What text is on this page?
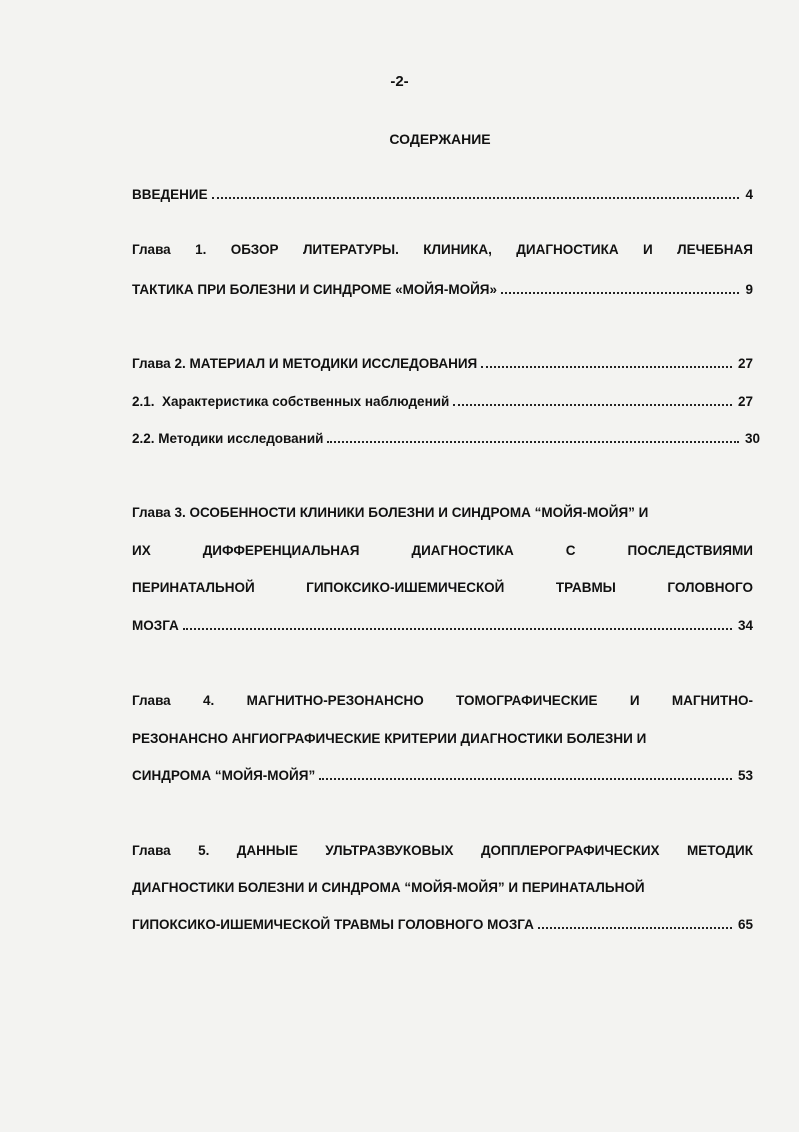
-2-
СОДЕРЖАНИЕ
ВВЕДЕНИЕ	4
Глава 1. ОБЗОР ЛИТЕРАТУРЫ. КЛИНИКА, ДИАГНОСТИКА И ЛЕЧЕБНАЯ
ТАКТИКА ПРИ БОЛЕЗНИ И СИНДРОМЕ «МОЙЯ-МОЙЯ»	9
Глава 2. МАТЕРИАЛ И МЕТОДИКИ ИССЛЕДОВАНИЯ	27
2.1.  Характеристика собственных наблюдений	27
2.2. Методики исследований	30
Глава 3. ОСОБЕННОСТИ КЛИНИКИ БОЛЕЗНИ И СИНДРОМА “МОЙЯ-МОЙЯ” И
ИХ	ДИФФЕРЕНЦИАЛЬНАЯ	ДИАГНОСТИКА	С	ПОСЛЕДСТВИЯМИ
ПЕРИНАТАЛЬНОЙ	ГИПОКСИКО-ИШЕМИЧЕСКОЙ	ТРАВМЫ	ГОЛОВНОГО
МОЗГА	34
Глава 4. МАГНИТНО-РЕЗОНАНСНО ТОМОГРАФИЧЕСКИЕ И МАГНИТНО-
РЕЗОНАНСНО АНГИОГРАФИЧЕСКИЕ КРИТЕРИИ ДИАГНОСТИКИ БОЛЕЗНИ И
СИНДРОМА “МОЙЯ-МОЙЯ”	53
Глава 5. ДАННЫЕ УЛЬТРАЗВУКОВЫХ ДОППЛЕРОГРАФИЧЕСКИХ МЕТОДИК
ДИАГНОСТИКИ БОЛЕЗНИ И СИНДРОМА “МОЙЯ-МОЙЯ” И ПЕРИНАТАЛЬНОЙ
ГИПОКСИКО-ИШЕМИЧЕСКОЙ ТРАВМЫ ГОЛОВНОГО МОЗГА	65
